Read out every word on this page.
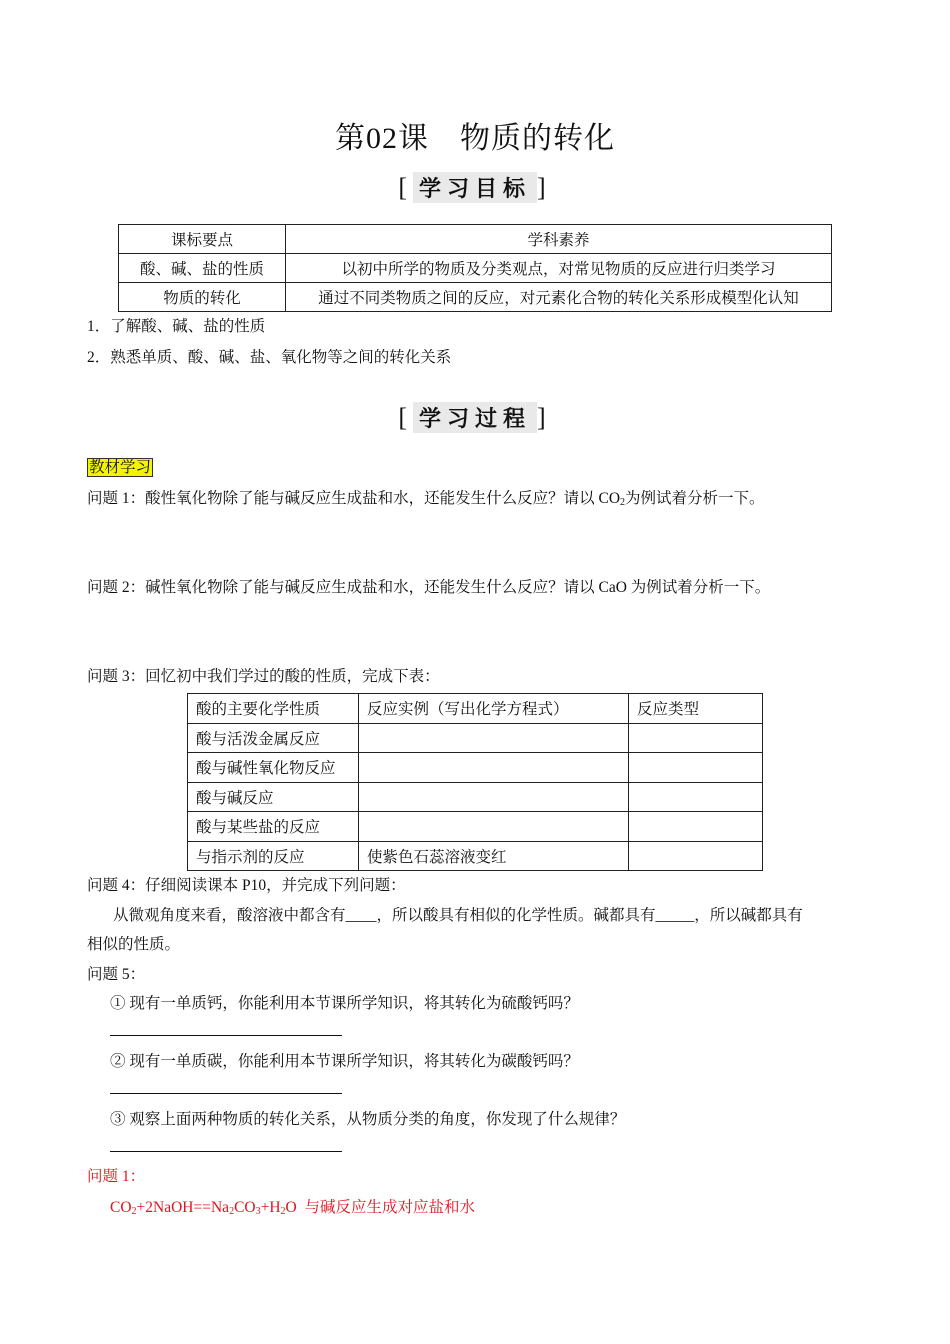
第02课　物质的转化
[ 学习目标 ]
课标要点	学科素养
酸、碱、盐的性质	以初中所学的物质及分类观点，对常见物质的反应进行归类学习
物质的转化	通过不同类物质之间的反应，对元素化合物的转化关系形成模型化认知
1．了解酸、碱、盐的性质
2．熟悉单质、酸、碱、盐、氧化物等之间的转化关系
[ 学习过程 ]
教材学习
问题 1：酸性氧化物除了能与碱反应生成盐和水，还能发生什么反应？请以 $CO_2$为例试着分析一下。
问题 2：碱性氧化物除了能与碱反应生成盐和水，还能发生什么反应？请以 CaO 为例试着分析一下。
问题 3：回忆初中我们学过的酸的性质，完成下表：
酸的主要化学性质	反应实例（写出化学方程式）	反应类型
酸与活泼金属反应		
酸与碱性氧化物反应		
酸与碱反应		
酸与某些盐的反应		
与指示剂的反应	使紫色石蕊溶液变红	
问题 4：仔细阅读课本 P10，并完成下列问题：
从微观角度来看，酸溶液中都含有____，所以酸具有相似的化学性质。碱都具有_____，所以碱都具有
相似的性质。
问题 5：
① 现有一单质钙，你能利用本节课所学知识，将其转化为硫酸钙吗？
② 现有一单质碳，你能利用本节课所学知识，将其转化为碳酸钙吗？
③ 观察上面两种物质的转化关系，从物质分类的角度，你发现了什么规律？
问题 1：
$CO_2+2NaOH==Na_2CO_3+H_2O$ 与碱反应生成对应盐和水
